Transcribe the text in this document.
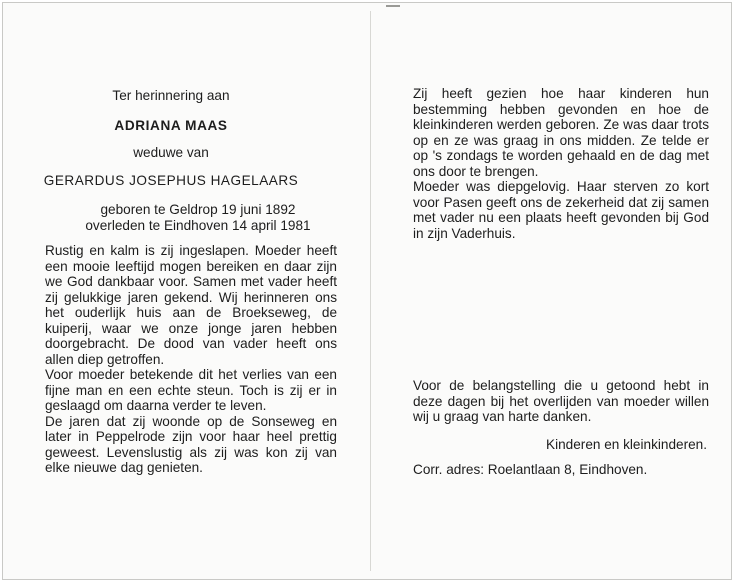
Ter herinnering aan
ADRIANA MAAS
weduwe van
GERARDUS JOSEPHUS HAGELAARS
geboren te Geldrop 19 juni 1892
overleden te Eindhoven 14 april 1981
Rustig en kalm is zij ingeslapen. Moeder heeft een mooie leeftijd mogen bereiken en daar zijn we God dankbaar voor. Samen met vader heeft zij gelukkige jaren gekend. Wij herinneren ons het ouderlijk huis aan de Broekseweg, de kuiperij, waar we onze jonge jaren hebben doorgebracht. De dood van vader heeft ons allen diep getroffen.
Voor moeder betekende dit het verlies van een fijne man en een echte steun. Toch is zij er in geslaagd om daarna verder te leven.
De jaren dat zij woonde op de Sonseweg en later in Peppelrode zijn voor haar heel prettig geweest. Levenslustig als zij was kon zij van elke nieuwe dag genieten.
Zij heeft gezien hoe haar kinderen hun bestemming hebben gevonden en hoe de kleinkinderen werden geboren. Ze was daar trots op en ze was graag in ons midden. Ze telde er op 's zondags te worden gehaald en de dag met ons door te brengen.
Moeder was diepgelovig. Haar sterven zo kort voor Pasen geeft ons de zekerheid dat zij samen met vader nu een plaats heeft gevonden bij God in zijn Vaderhuis.
Voor de belangstelling die u getoond hebt in deze dagen bij het overlijden van moeder willen wij u graag van harte danken.
Kinderen en kleinkinderen.
Corr. adres: Roelantlaan 8, Eindhoven.
